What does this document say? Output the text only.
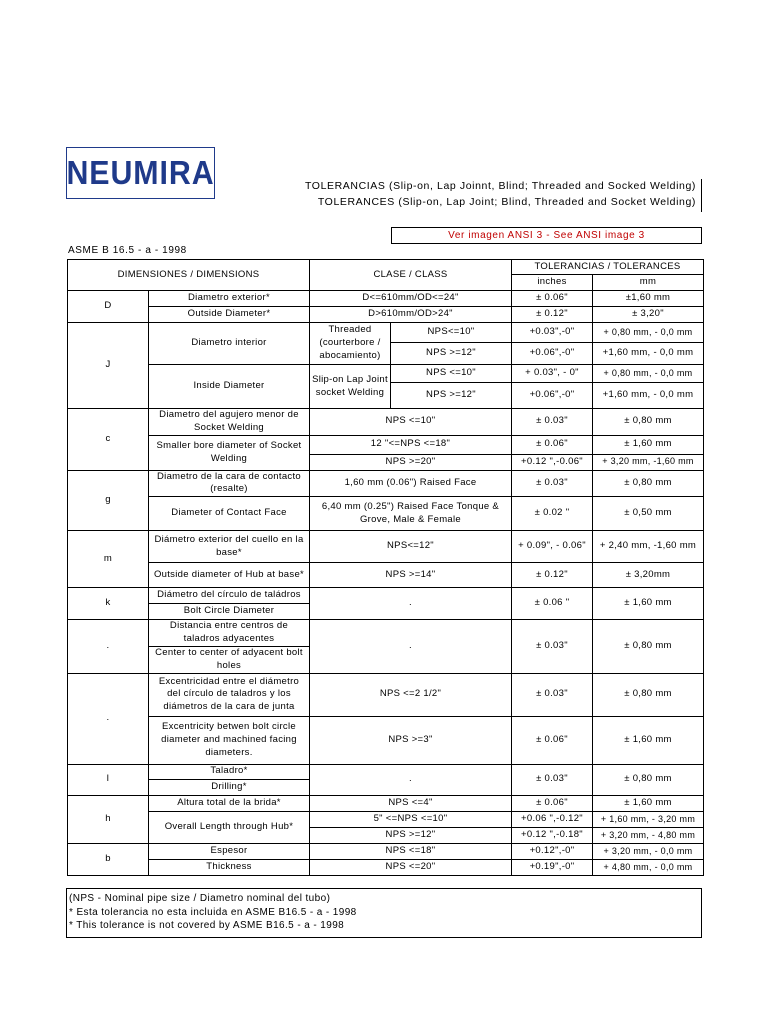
NEUMIRA	TOLERANCIAS (Slip-on, Lap Joinnt, Blind; Threaded and Socked Welding)
TOLERANCES (Slip-on, Lap Joint; Blind, Threaded and Socket Welding)
Ver imagen ANSI 3 - See ANSI image 3
ASME B 16.5 - a - 1998
DIMENSIONES / DIMENSIONS		CLASE / CLASS		TOLERANCIAS / TOLERANCES	
				inches	mm
D	Diametro exterior*	D<=610mm/OD<=24"		± 0.06"	±1,60 mm
	Outside Diameter*	D>610mm/OD>24"		± 0.12"	± 3,20"
J	Diametro interior	Threaded (courterbore / abocamiento)	NPS<=10"	+0.03",-0"	+ 0,80 mm, - 0,0 mm
			NPS >=12"	+0.06",-0"	+1,60 mm, - 0,0 mm
	Inside Diameter	Slip-on Lap Joint socket Welding	NPS <=10"	+ 0.03", - 0"	+ 0,80 mm, - 0,0 mm
			NPS >=12"	+0.06",-0"	+1,60 mm, - 0,0 mm
c	Diametro del agujero menor de Socket Welding	NPS <=10"		± 0.03"	± 0,80 mm
	Smaller bore diameter of Socket Welding	12 "<=NPS <=18"		± 0.06"	± 1,60 mm
		NPS >=20"		+0.12 ",-0.06"	+ 3,20 mm, -1,60 mm
g	Diametro de la cara de contacto (resalte)	1,60 mm (0.06") Raised Face		± 0.03"	± 0,80 mm
	Diameter of Contact Face	6,40 mm (0.25") Raised Face Tonque & Grove, Male & Female		± 0.02 "	± 0,50 mm
m	Diámetro exterior del cuello en la base*	NPS<=12"		+ 0.09", - 0.06"	+ 2,40 mm, -1,60 mm
	Outside diameter of Hub at base*	NPS >=14"		± 0.12"	± 3,20mm
k	Diámetro del círculo de taládros	.		± 0.06 "	± 1,60 mm
	Bolt Circle Diameter				
.	Distancia entre centros de taladros adyacentes	.		± 0.03"	± 0,80 mm
	Center to center of adyacent bolt holes				
.	Excentricidad entre el diámetro del círculo de taladros y los diámetros de la cara de junta	NPS <=2 1/2"		± 0.03"	± 0,80 mm
	Excentricity betwen bolt circle diameter and machined facing diameters.	NPS >=3"		± 0.06"	± 1,60 mm
l	Taladro*	.		± 0.03"	± 0,80 mm
	Drilling*				
h	Altura total de la brida*	NPS <=4"		± 0.06"	± 1,60 mm
	Overall Length through Hub*	5" <=NPS <=10"		+0.06 ",-0.12"	+ 1,60 mm, - 3,20 mm
		NPS >=12"		+0.12 ",-0.18"	+ 3,20 mm, - 4,80 mm
b	Espesor	NPS <=18"		+0.12",-0"	+ 3,20 mm, - 0,0 mm
	Thickness	NPS <=20"		+0.19",-0"	+ 4,80 mm, - 0,0 mm
(NPS - Nominal pipe size / Diametro nominal del tubo)
* Esta tolerancia no esta incluida en ASME B16.5 - a - 1998
* This tolerance is not covered by ASME B16.5 - a - 1998
